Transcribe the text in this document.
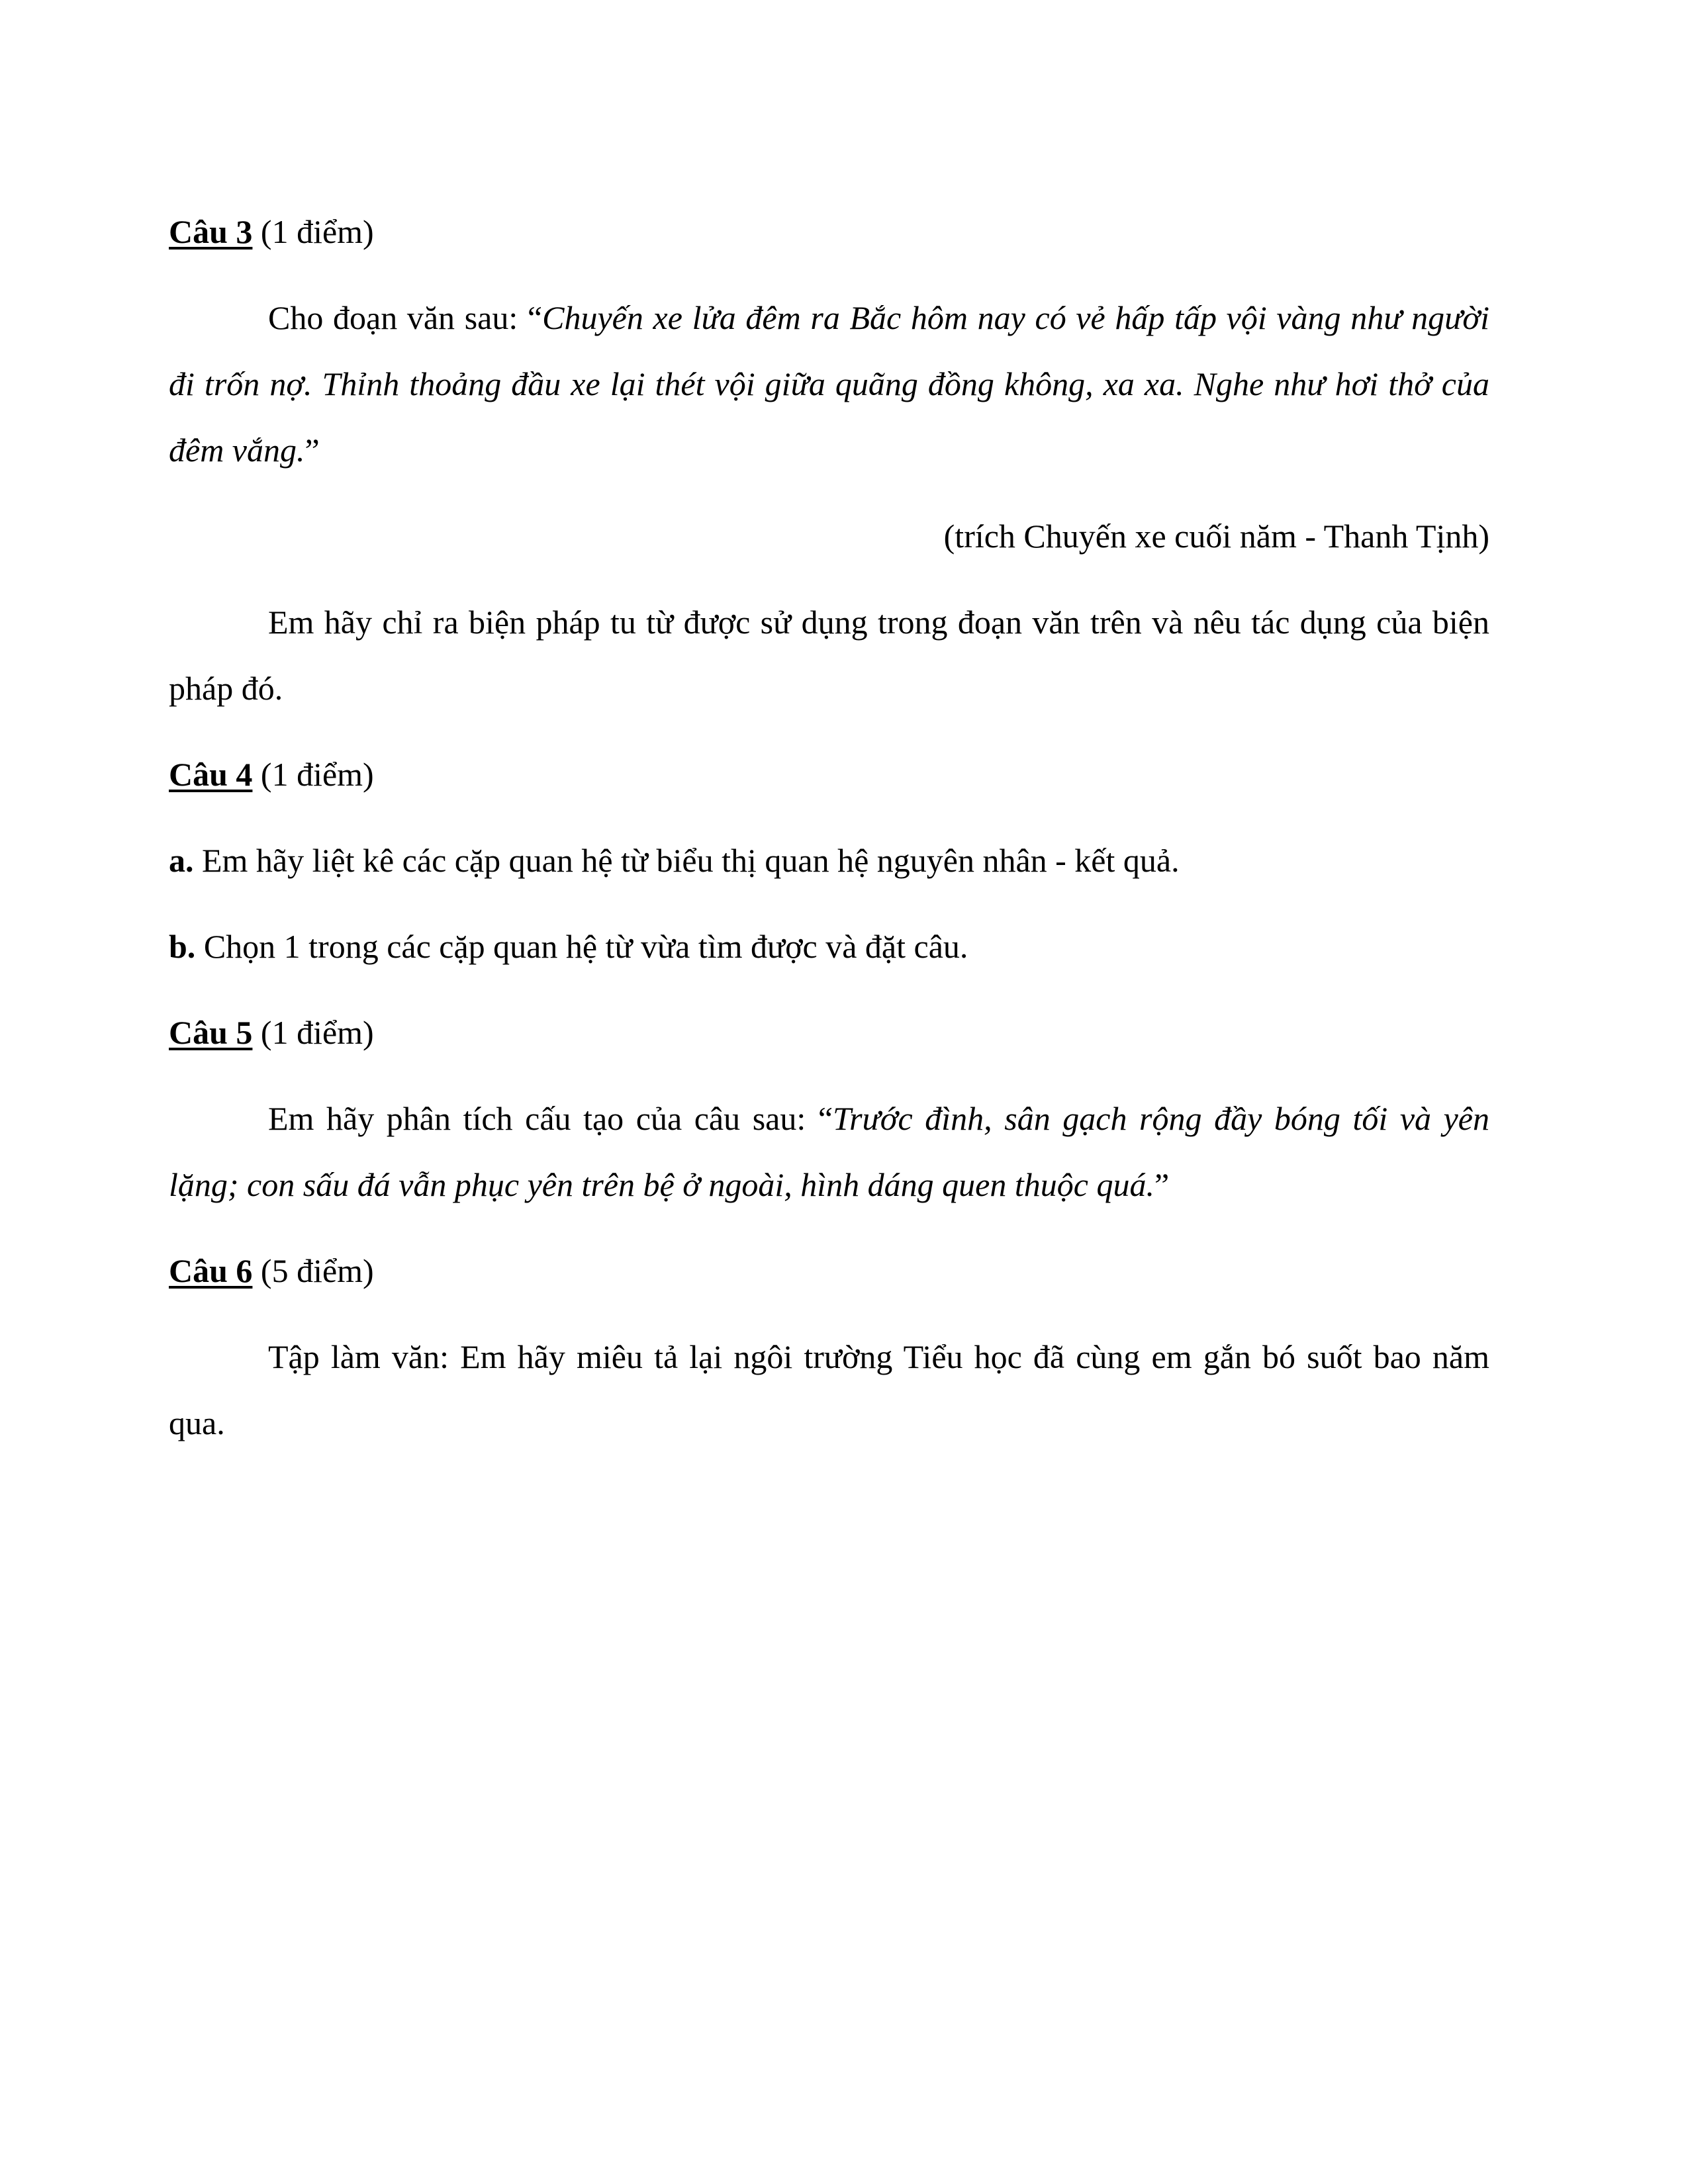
Câu 3 (1 điểm)

Cho đoạn văn sau: “Chuyến xe lửa đêm ra Bắc hôm nay có vẻ hấp tấp vội vàng như người đi trốn nợ. Thỉnh thoảng đầu xe lại thét vội giữa quãng đồng không, xa xa. Nghe như hơi thở của đêm vắng.”

(trích Chuyến xe cuối năm - Thanh Tịnh)

Em hãy chỉ ra biện pháp tu từ được sử dụng trong đoạn văn trên và nêu tác dụng của biện pháp đó.

Câu 4 (1 điểm)

a. Em hãy liệt kê các cặp quan hệ từ biểu thị quan hệ nguyên nhân - kết quả.

b. Chọn 1 trong các cặp quan hệ từ vừa tìm được và đặt câu.

Câu 5 (1 điểm)

Em hãy phân tích cấu tạo của câu sau: “Trước đình, sân gạch rộng đầy bóng tối và yên lặng; con sấu đá vẫn phục yên trên bệ ở ngoài, hình dáng quen thuộc quá.”

Câu 6 (5 điểm)

Tập làm văn: Em hãy miêu tả lại ngôi trường Tiểu học đã cùng em gắn bó suốt bao năm qua.
